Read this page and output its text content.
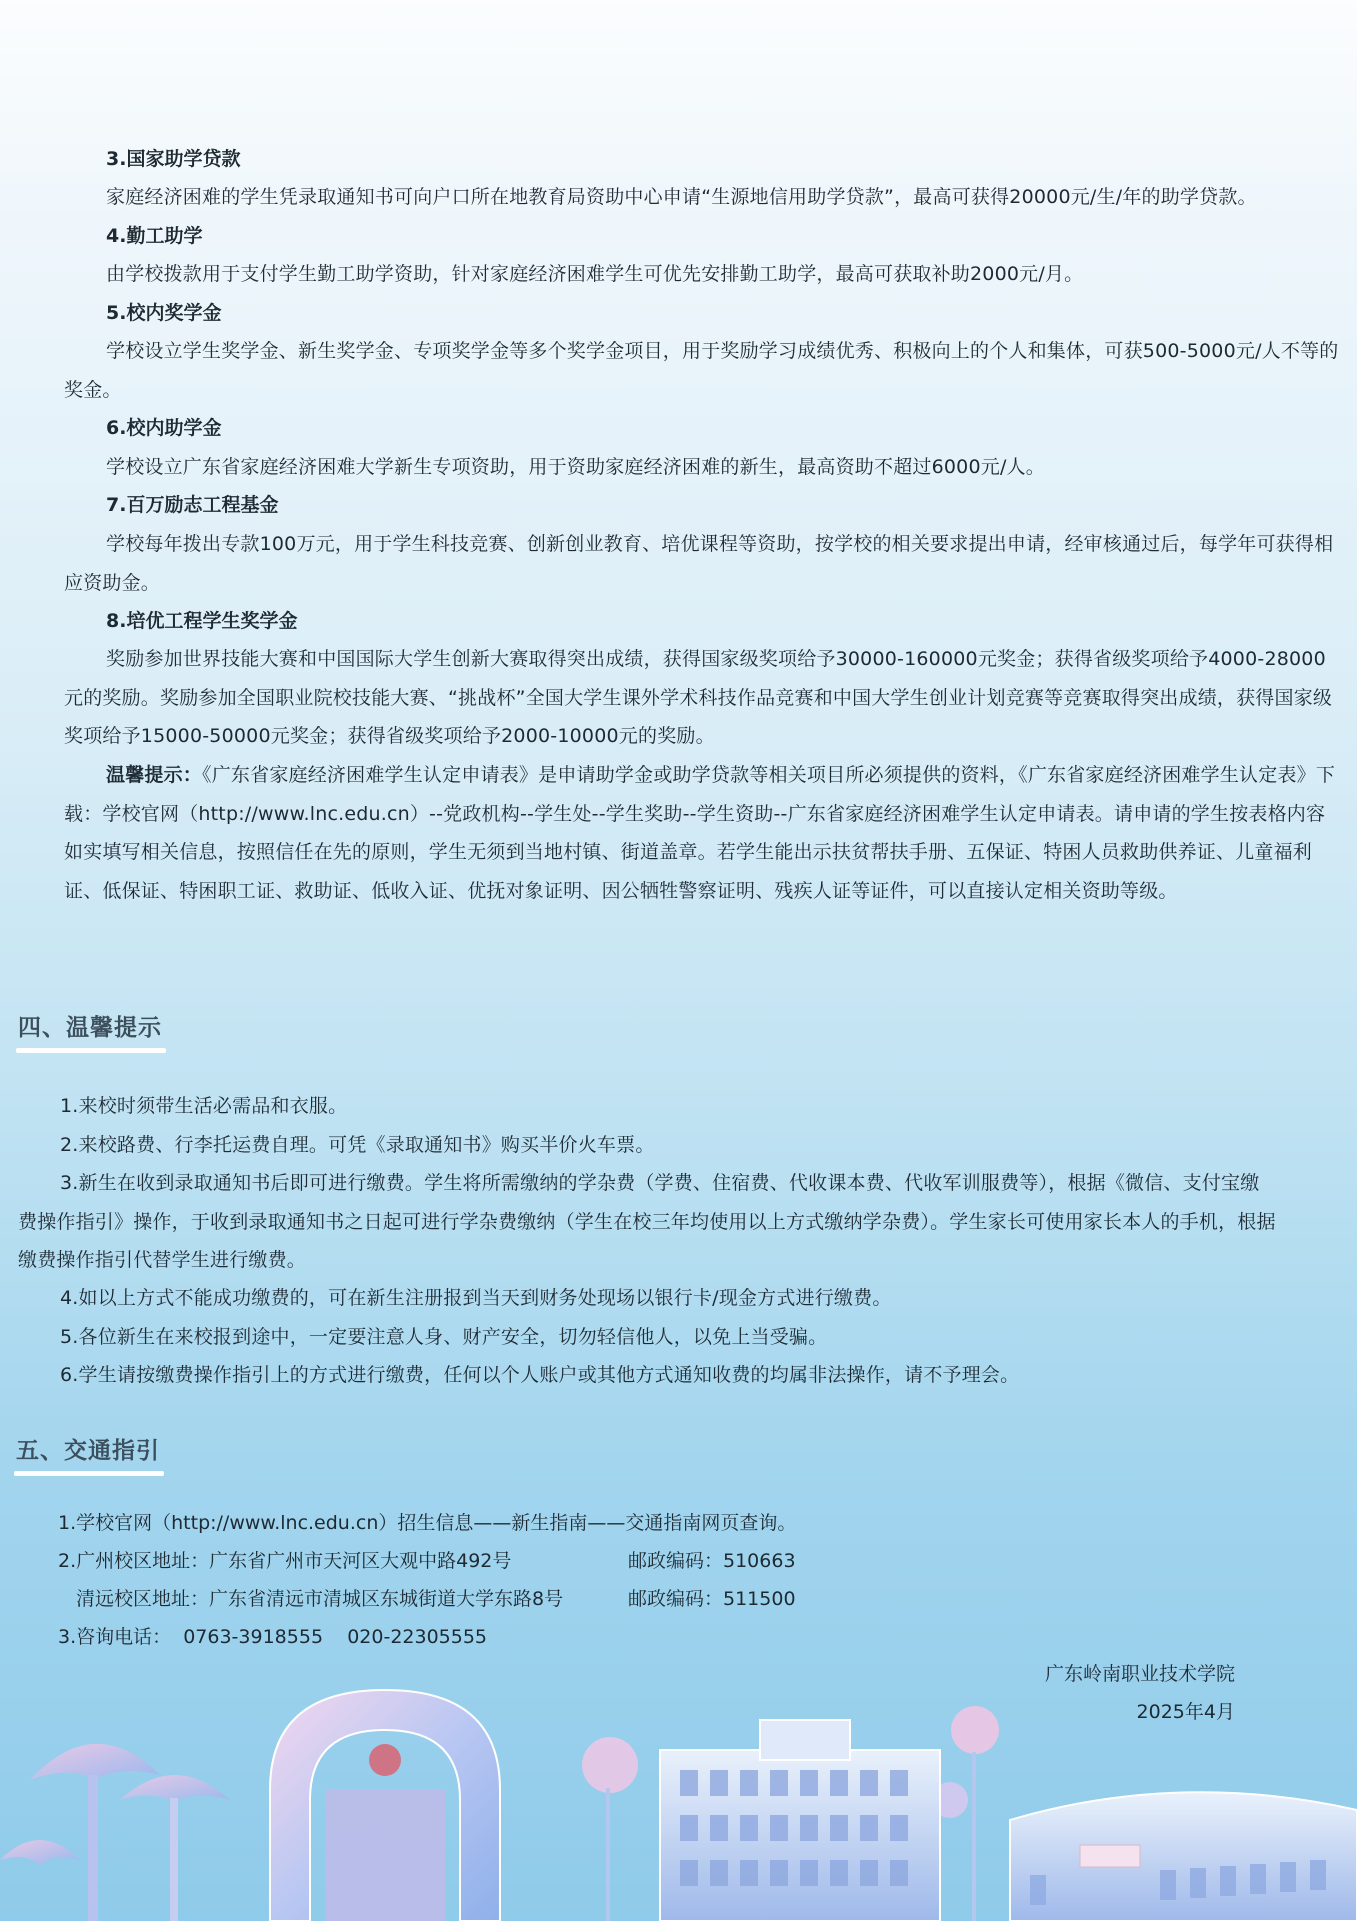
3.国家助学贷款

家庭经济困难的学生凭录取通知书可向户口所在地教育局资助中心申请“生源地信用助学贷款”，最高可获得20000元/生/年的助学贷款。

4.勤工助学

由学校拨款用于支付学生勤工助学资助，针对家庭经济困难学生可优先安排勤工助学，最高可获取补助2000元/月。

5.校内奖学金

学校设立学生奖学金、新生奖学金、专项奖学金等多个奖学金项目，用于奖励学习成绩优秀、积极向上的个人和集体，可获500-5000元/人不等的奖金。

6.校内助学金

学校设立广东省家庭经济困难大学新生专项资助，用于资助家庭经济困难的新生，最高资助不超过6000元/人。

7.百万励志工程基金

学校每年拨出专款100万元，用于学生科技竞赛、创新创业教育、培优课程等资助，按学校的相关要求提出申请，经审核通过后，每学年可获得相应资助金。

8.培优工程学生奖学金

奖励参加世界技能大赛和中国国际大学生创新大赛取得突出成绩，获得国家级奖项给予30000-160000元奖金；获得省级奖项给予4000-28000元的奖励。奖励参加全国职业院校技能大赛、“挑战杯”全国大学生课外学术科技作品竞赛和中国大学生创业计划竞赛等竞赛取得突出成绩，获得国家级奖项给予15000-50000元奖金；获得省级奖项给予2000-10000元的奖励。

温馨提示：《广东省家庭经济困难学生认定申请表》是申请助学金或助学贷款等相关项目所必须提供的资料，《广东省家庭经济困难学生认定表》下载：学校官网（http://www.lnc.edu.cn）--党政机构--学生处--学生奖助--学生资助--广东省家庭经济困难学生认定申请表。请申请的学生按表格内容如实填写相关信息，按照信任在先的原则，学生无须到当地村镇、街道盖章。若学生能出示扶贫帮扶手册、五保证、特困人员救助供养证、儿童福利证、低保证、特困职工证、救助证、低收入证、优抚对象证明、因公牺牲警察证明、残疾人证等证件，可以直接认定相关资助等级。

四、温馨提示

1.来校时须带生活必需品和衣服。

2.来校路费、行李托运费自理。可凭《录取通知书》购买半价火车票。

3.新生在收到录取通知书后即可进行缴费。学生将所需缴纳的学杂费（学费、住宿费、代收课本费、代收军训服费等），根据《微信、支付宝缴费操作指引》操作，于收到录取通知书之日起可进行学杂费缴纳（学生在校三年均使用以上方式缴纳学杂费）。学生家长可使用家长本人的手机，根据缴费操作指引代替学生进行缴费。

4.如以上方式不能成功缴费的，可在新生注册报到当天到财务处现场以银行卡/现金方式进行缴费。

5.各位新生在来校报到途中，一定要注意人身、财产安全，切勿轻信他人，以免上当受骗。

6.学生请按缴费操作指引上的方式进行缴费，任何以个人账户或其他方式通知收费的均属非法操作，请不予理会。

五、交通指引

1.学校官网（http://www.lnc.edu.cn）招生信息——新生指南——交通指南网页查询。

2.广州校区地址：广东省广州市天河区大观中路492号	邮政编码：510663

清远校区地址：广东省清远市清城区东城街道大学东路8号	邮政编码：511500

3.咨询电话：  0763-3918555    020-22305555

广东岭南职业技术学院

2025年4月
